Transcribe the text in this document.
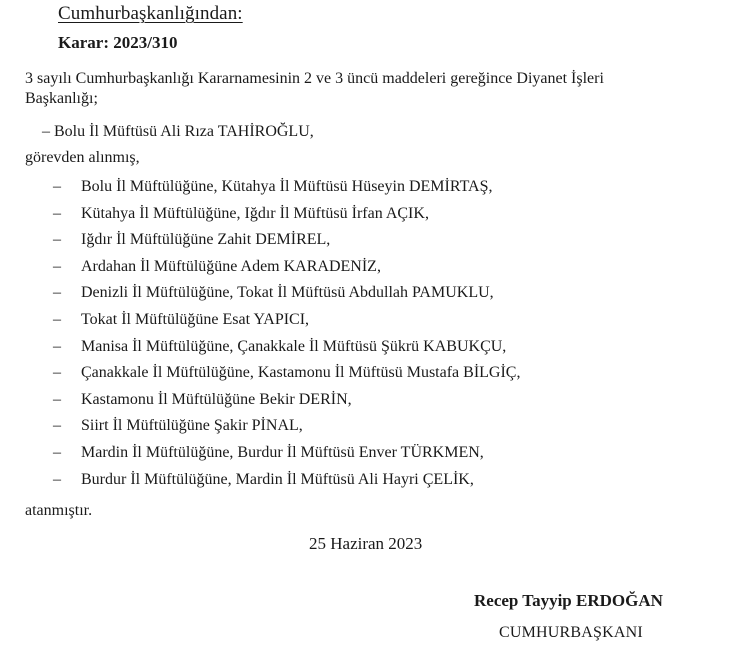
Cumhurbaşkanlığından:
Karar: 2023/310
3 sayılı Cumhurbaşkanlığı Kararnamesinin 2 ve 3 üncü maddeleri gereğince Diyanet İşleri
Başkanlığı;
– Bolu İl Müftüsü Ali Rıza TAHİROĞLU,
görevden alınmış,
– Bolu İl Müftülüğüne, Kütahya İl Müftüsü Hüseyin DEMİRTAŞ,
– Kütahya İl Müftülüğüne, Iğdır İl Müftüsü İrfan AÇIK,
– Iğdır İl Müftülüğüne Zahit DEMİREL,
– Ardahan İl Müftülüğüne Adem KARADENİZ,
– Denizli İl Müftülüğüne, Tokat İl Müftüsü Abdullah PAMUKLU,
– Tokat İl Müftülüğüne Esat YAPICI,
– Manisa İl Müftülüğüne, Çanakkale İl Müftüsü Şükrü KABUKÇU,
– Çanakkale İl Müftülüğüne, Kastamonu İl Müftüsü Mustafa BİLGİÇ,
– Kastamonu İl Müftülüğüne Bekir DERİN,
– Siirt İl Müftülüğüne Şakir PİNAL,
– Mardin İl Müftülüğüne, Burdur İl Müftüsü Enver TÜRKMEN,
– Burdur İl Müftülüğüne, Mardin İl Müftüsü Ali Hayri ÇELİK,
atanmıştır.
25 Haziran 2023
Recep Tayyip ERDOĞAN
CUMHURBAŞKANI
